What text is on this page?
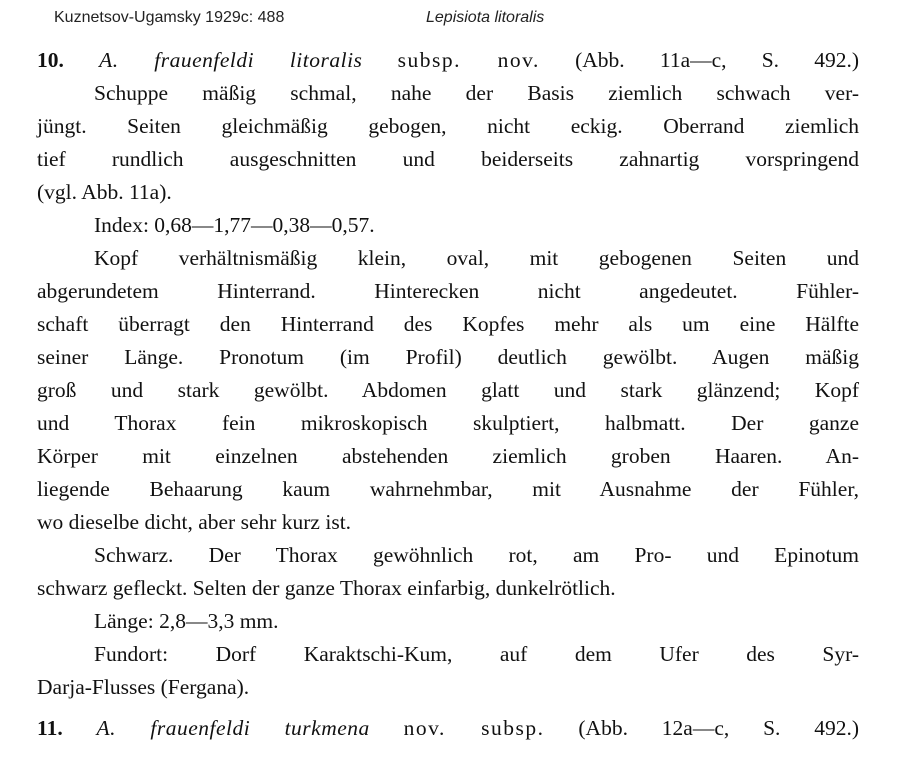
Kuznetsov-Ugamsky 1929c: 488	Lepisiota litoralis
10. A. frauenfeldi litoralis subsp. nov. (Abb. 11a—c, S. 492.)
Schuppe mäßig schmal, nahe der Basis ziemlich schwach ver-
jüngt. Seiten gleichmäßig gebogen, nicht eckig. Oberrand ziemlich
tief rundlich ausgeschnitten und beiderseits zahnartig vorspringend
(vgl. Abb. 11a).
Index: 0,68—1,77—0,38—0,57.
Kopf verhältnismäßig klein, oval, mit gebogenen Seiten und
abgerundetem Hinterrand. Hinterecken nicht angedeutet. Fühler-
schaft überragt den Hinterrand des Kopfes mehr als um eine Hälfte
seiner Länge. Pronotum (im Profil) deutlich gewölbt. Augen mäßig
groß und stark gewölbt. Abdomen glatt und stark glänzend; Kopf
und Thorax fein mikroskopisch skulptiert, halbmatt. Der ganze
Körper mit einzelnen abstehenden ziemlich groben Haaren. An-
liegende Behaarung kaum wahrnehmbar, mit Ausnahme der Fühler,
wo dieselbe dicht, aber sehr kurz ist.
Schwarz. Der Thorax gewöhnlich rot, am Pro- und Epinotum
schwarz gefleckt. Selten der ganze Thorax einfarbig, dunkelrötlich.
Länge: 2,8—3,3 mm.
Fundort: Dorf Karaktschi-Kum, auf dem Ufer des Syr-
Darja-Flusses (Fergana).
11. A. frauenfeldi turkmena nov. subsp. (Abb. 12a—c, S. 492.)
